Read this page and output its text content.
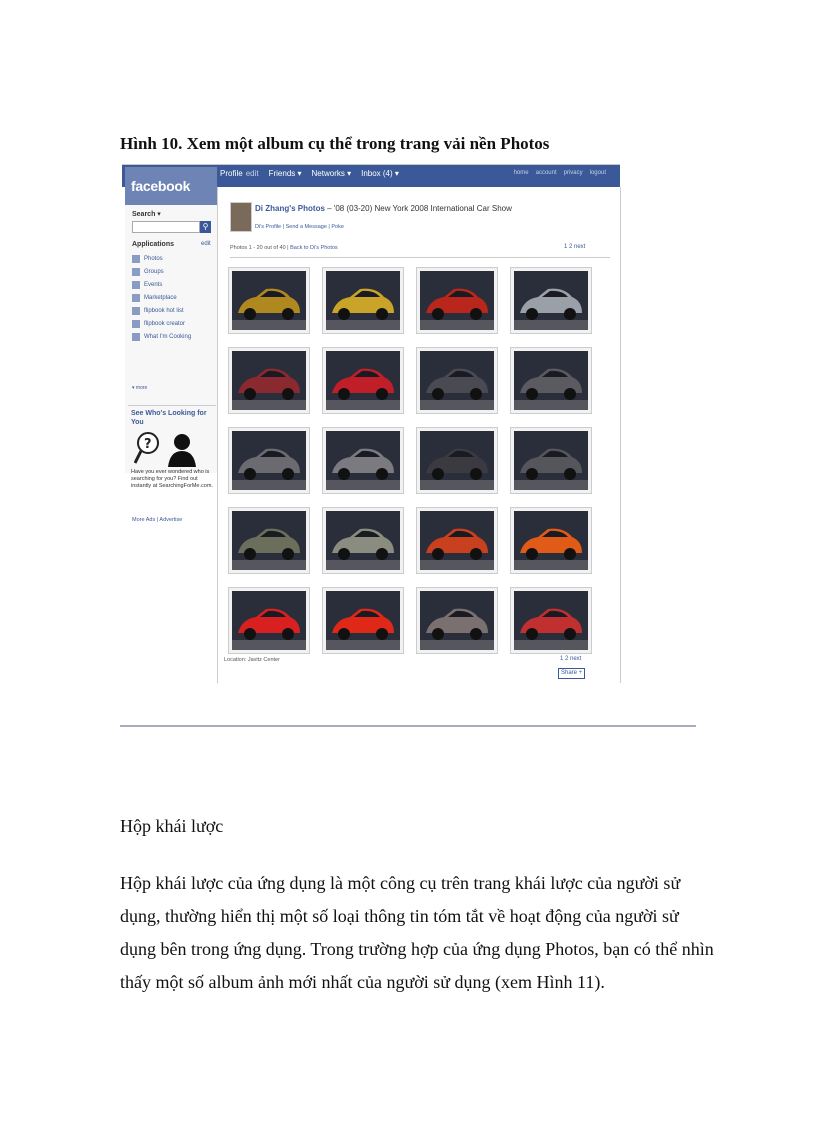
Hình 10. Xem một album cụ thể trong trang vải nền Photos
Profile edit Friends ▾ Networks ▾ Inbox (4) ▾	home account privacy logout
facebook
Search ▾
⚲
Applications	edit
Photos
Groups
Events
Marketplace
flipbook hot list
flipbook creator
What I'm Cooking
▾ more
See Who's Looking for You
?
Have you ever wondered who is searching for you? Find out instantly at SearchingForMe.com.
More Ads | Advertise
Di Zhang's Photos – '08 (03-20) New York 2008 International Car Show
Di's Profile | Send a Message | Poke
Photos 1 - 20 out of 40 | Back to Di's Photos	1 2 next
Location: Javitz Center	1 2 next
Share +
Hộp khái lược
Hộp khái lược của ứng dụng là một công cụ trên trang khái lược của người sử
dụng, thường hiển thị một số loại thông tin tóm tắt về hoạt động của người sử
dụng bên trong ứng dụng. Trong trường hợp của ứng dụng Photos, bạn có thể nhìn
thấy một số album ảnh mới nhất của người sử dụng (xem Hình 11).
